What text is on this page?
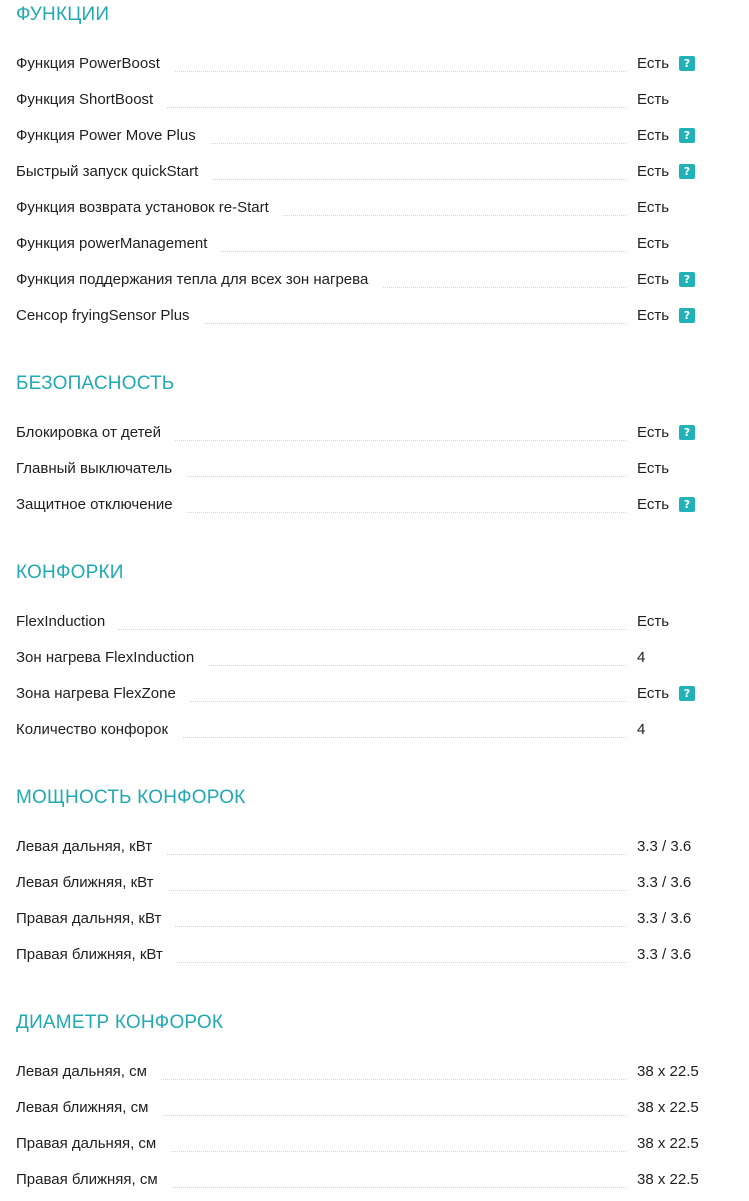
ФУНКЦИИ
Функция PowerBoost	Есть	?
Функция ShortBoost	Есть
Функция Power Move Plus	Есть	?
Быстрый запуск quickStart	Есть	?
Функция возврата установок re-Start	Есть
Функция powerManagement	Есть
Функция поддержания тепла для всех зон нагрева	Есть	?
Сенсор fryingSensor Plus	Есть	?
БЕЗОПАСНОСТЬ
Блокировка от детей	Есть	?
Главный выключатель	Есть
Защитное отключение	Есть	?
КОНФОРКИ
FlexInduction	Есть
Зон нагрева FlexInduction	4
Зона нагрева FlexZone	Есть	?
Количество конфорок	4
МОЩНОСТЬ КОНФОРОК
Левая дальняя, кВт	3.3 / 3.6
Левая ближняя, кВт	3.3 / 3.6
Правая дальняя, кВт	3.3 / 3.6
Правая ближняя, кВт	3.3 / 3.6
ДИАМЕТР КОНФОРОК
Левая дальняя, см	38 x 22.5
Левая ближняя, см	38 x 22.5
Правая дальняя, см	38 x 22.5
Правая ближняя, см	38 x 22.5
